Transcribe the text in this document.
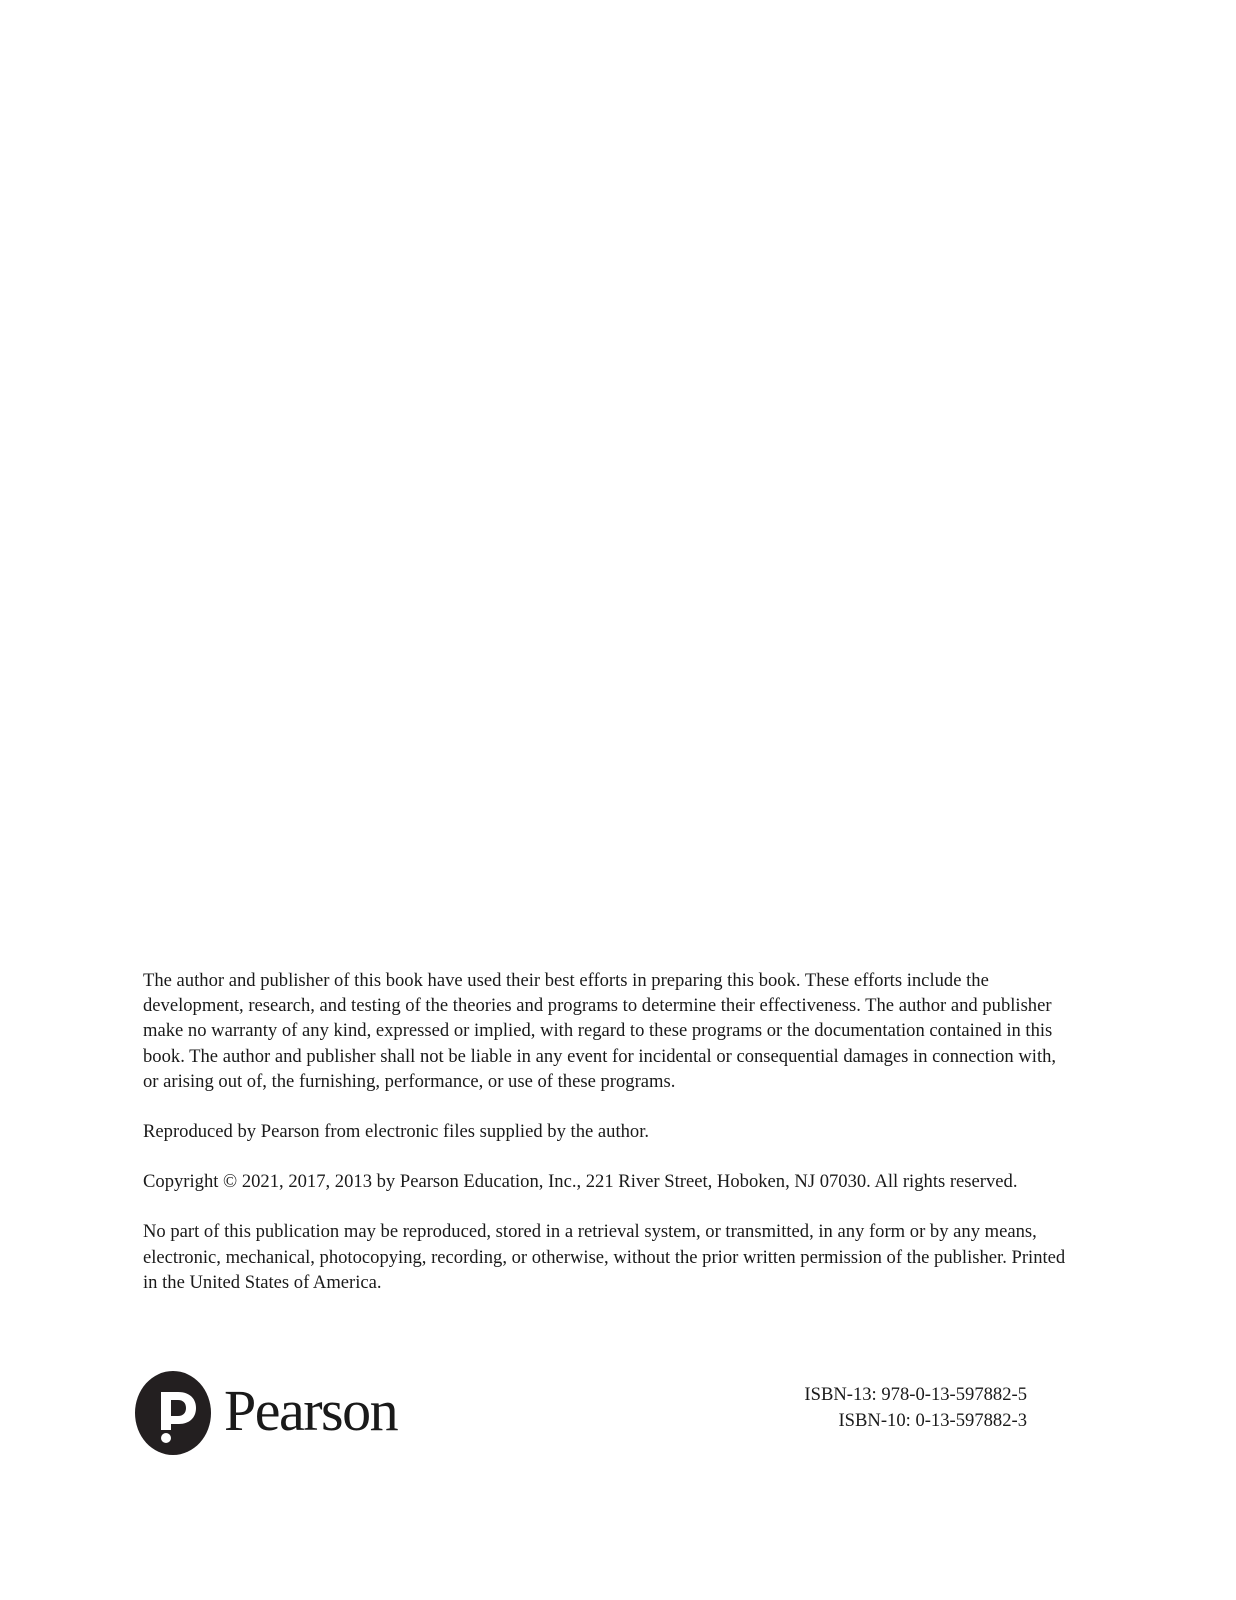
The author and publisher of this book have used their best efforts in preparing this book. These efforts include the development, research, and testing of the theories and programs to determine their effectiveness. The author and publisher make no warranty of any kind, expressed or implied, with regard to these programs or the documentation contained in this book. The author and publisher shall not be liable in any event for incidental or consequential damages in connection with, or arising out of, the furnishing, performance, or use of these programs.

Reproduced by Pearson from electronic files supplied by the author.

Copyright © 2021, 2017, 2013 by Pearson Education, Inc., 221 River Street, Hoboken, NJ 07030. All rights reserved.

No part of this publication may be reproduced, stored in a retrieval system, or transmitted, in any form or by any means, electronic, mechanical, photocopying, recording, or otherwise, without the prior written permission of the publisher. Printed in the United States of America.

Pearson	ISBN-13: 978-0-13-597882-5
ISBN-10: 0-13-597882-3
